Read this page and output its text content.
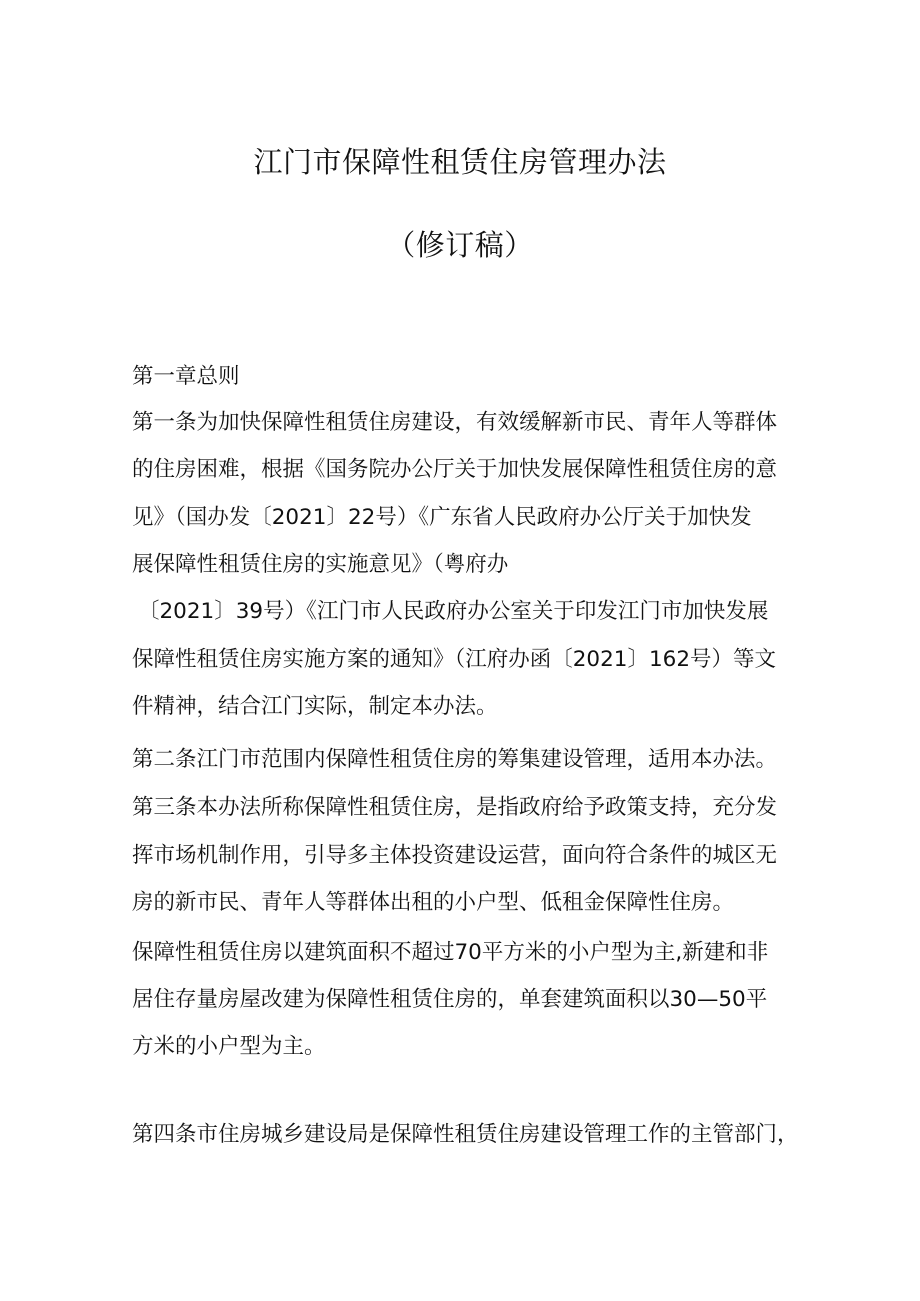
江门市保障性租赁住房管理办法
（修订稿）
第一章总则
第一条为加快保障性租赁住房建设，有效缓解新市民、青年人等群体
的住房困难，根据《国务院办公厅关于加快发展保障性租赁住房的意
见》（国办发〔2021〕22号）《广东省人民政府办公厅关于加快发
展保障性租赁住房的实施意见》（粤府办
〔2021〕39号）《江门市人民政府办公室关于印发江门市加快发展
保障性租赁住房实施方案的通知》（江府办函〔2021〕162号）等文
件精神，结合江门实际，制定本办法。
第二条江门市范围内保障性租赁住房的筹集建设管理，适用本办法。
第三条本办法所称保障性租赁住房，是指政府给予政策支持，充分发
挥市场机制作用，引导多主体投资建设运营，面向符合条件的城区无
房的新市民、青年人等群体出租的小户型、低租金保障性住房。
保障性租赁住房以建筑面积不超过70平方米的小户型为主,新建和非
居住存量房屋改建为保障性租赁住房的，单套建筑面积以30—50平
方米的小户型为主。
第四条市住房城乡建设局是保障性租赁住房建设管理工作的主管部门，
